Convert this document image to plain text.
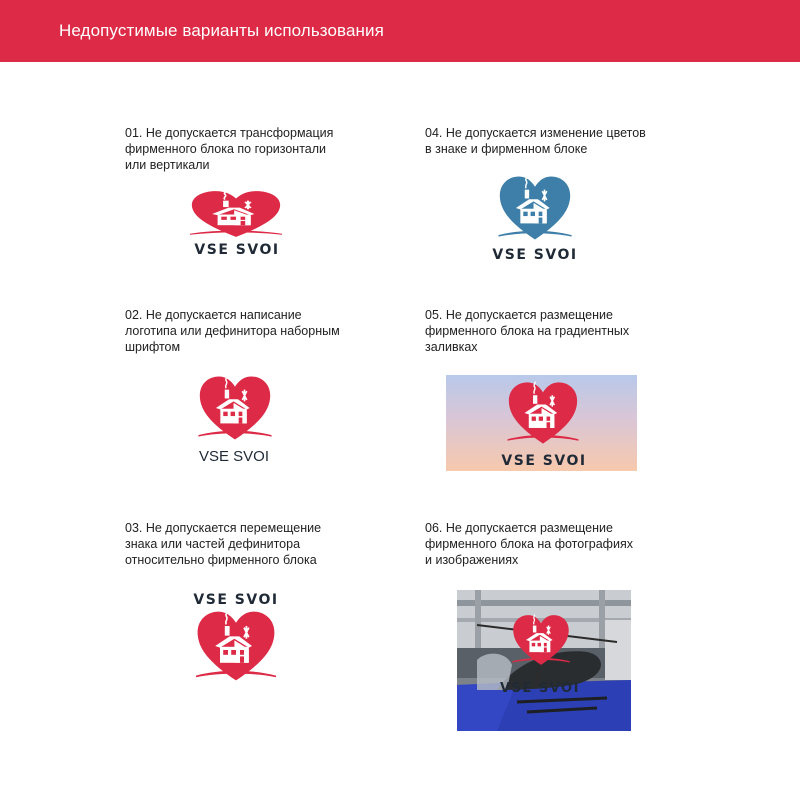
Недопустимые варианты использования
01. Не допускается трансформация
фирменного блока по горизонтали
или вертикали
VSE SVOI
02. Не допускается написание
логотипа или дефинитора наборным
шрифтом
VSE SVOI
03. Не допускается перемещение
знака или частей дефинитора
относительно фирменного блока
VSE SVOI
04. Не допускается изменение цветов
в знаке и фирменном блоке
VSE SVOI
05. Не допускается размещение
фирменного блока на градиентных
заливках
VSE SVOI
06. Не допускается размещение
фирменного блока на фотографиях
и изображениях
VSE SVOI
